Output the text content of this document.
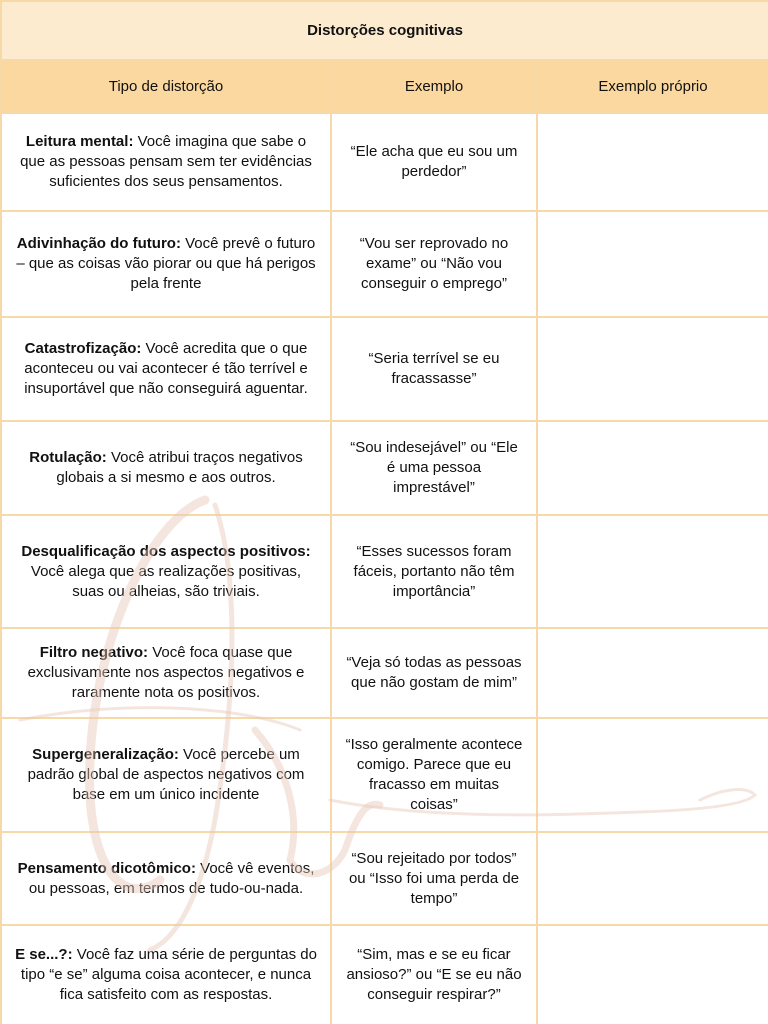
Distorções cognitivas		
Tipo de distorção	Exemplo	Exemplo próprio
Leitura mental: Você imagina que sabe o que as pessoas pensam sem ter evidências suficientes dos seus pensamentos.	“Ele acha que eu sou um perdedor”	
Adivinhação do futuro: Você prevê o futuro – que as coisas vão piorar ou que há perigos pela frente	“Vou ser reprovado no exame” ou “Não vou conseguir o emprego”	
Catastrofização: Você acredita que o que aconteceu ou vai acontecer é tão terrível e insuportável que não conseguirá aguentar.	“Seria terrível se eu fracassasse”	
Rotulação: Você atribui traços negativos globais a si mesmo e aos outros.	“Sou indesejável” ou “Ele é uma pessoa imprestável”	
Desqualificação dos aspectos positivos: Você alega que as realizações positivas, suas ou alheias, são triviais.	“Esses sucessos foram fáceis, portanto não têm importância”	
Filtro negativo: Você foca quase que exclusivamente nos aspectos negativos e raramente nota os positivos.	“Veja só todas as pessoas que não gostam de mim”	
Supergeneralização: Você percebe um padrão global de aspectos negativos com base em um único incidente	“Isso geralmente acontece comigo. Parece que eu fracasso em muitas coisas”	
Pensamento dicotômico: Você vê eventos, ou pessoas, em termos de tudo-ou-nada.	“Sou rejeitado por todos” ou “Isso foi uma perda de tempo”	
E se...?: Você faz uma série de perguntas do tipo “e se” alguma coisa acontecer, e nunca fica satisfeito com as respostas.	“Sim, mas e se eu ficar ansioso?” ou “E se eu não conseguir respirar?”	
